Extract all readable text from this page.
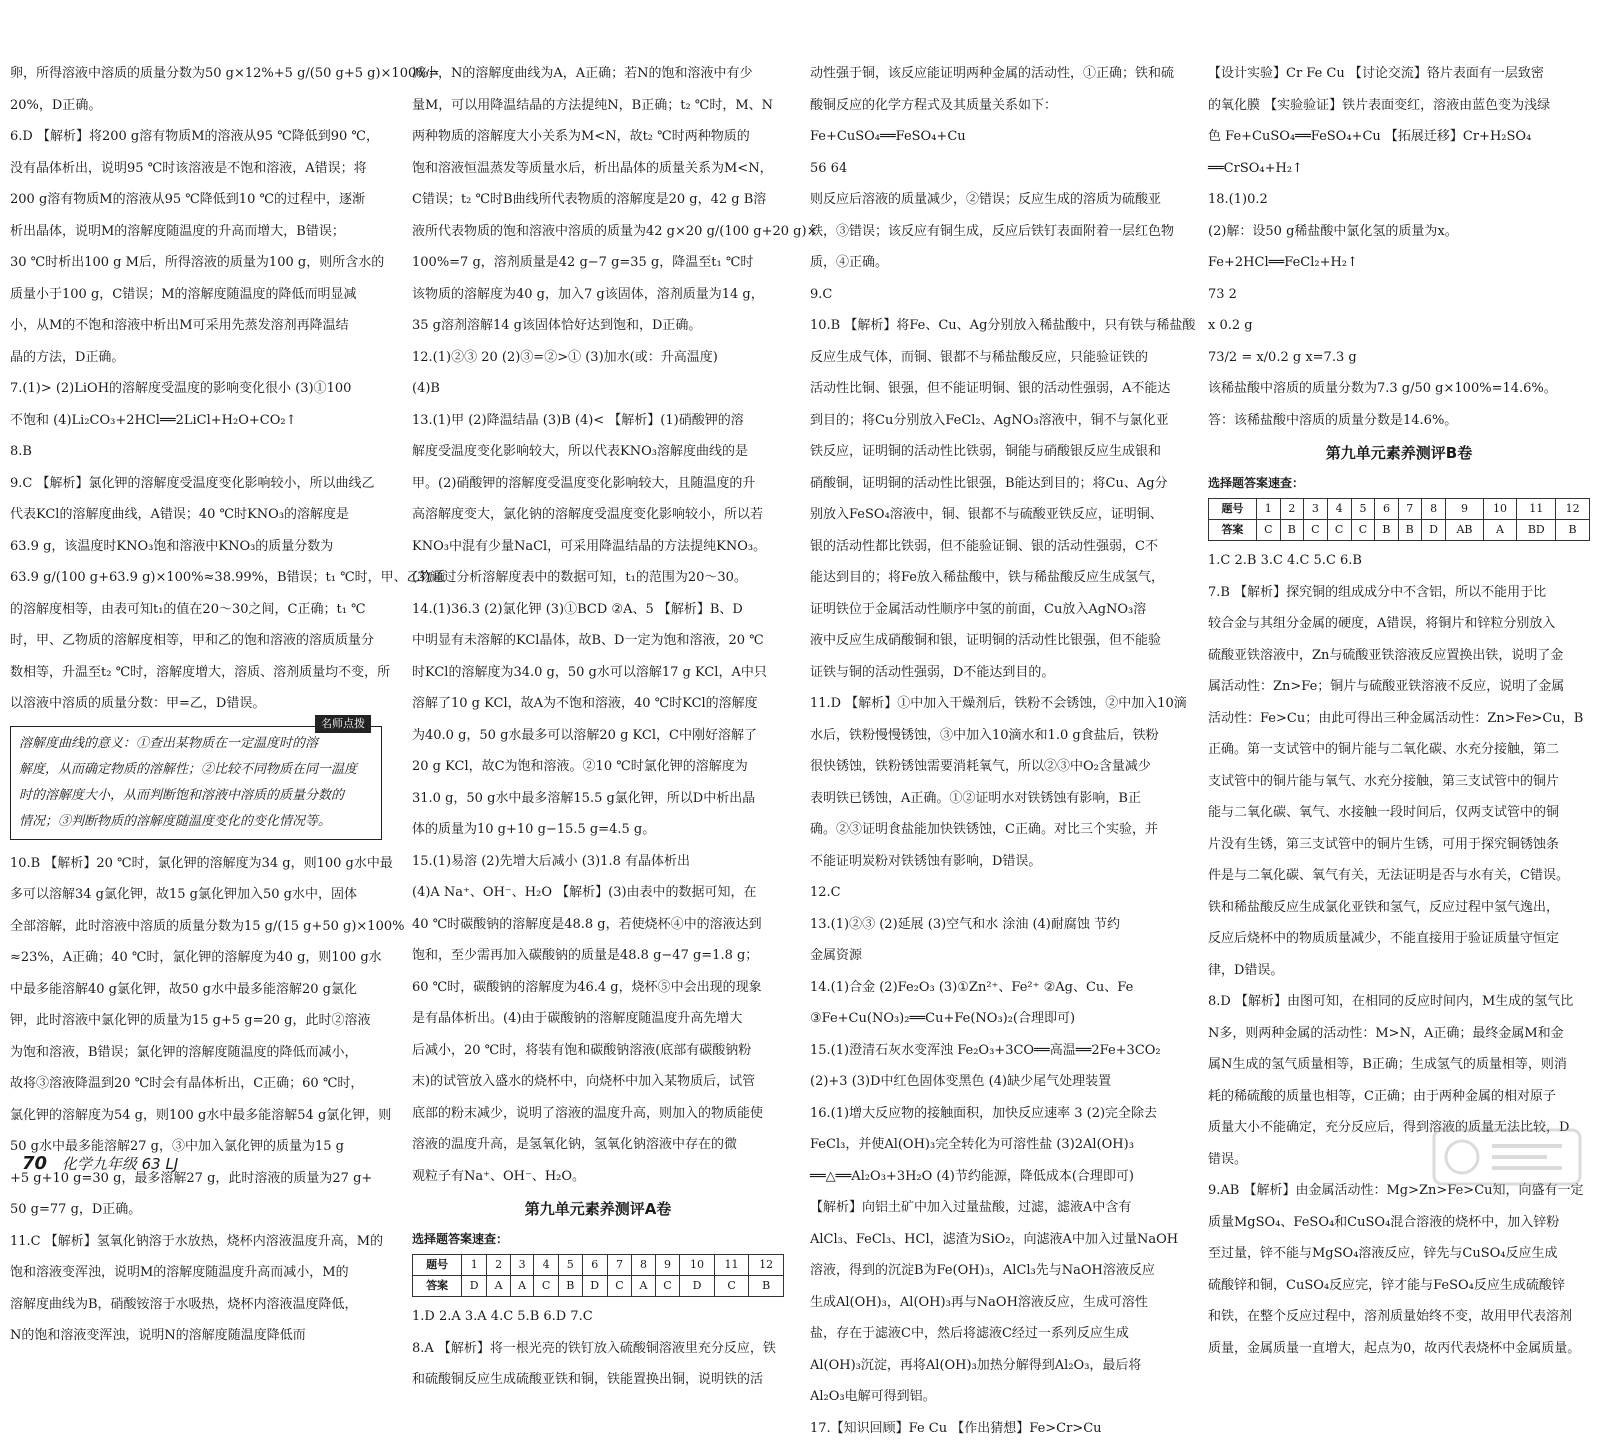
卵，所得溶液中溶质的质量分数为50 g×12%+5 g/(50 g+5 g)×100%=
20%，D正确。
6.D 【解析】将200 g溶有物质M的溶液从95 ℃降低到90 ℃，
没有晶体析出，说明95 ℃时该溶液是不饱和溶液，A错误；将
200 g溶有物质M的溶液从95 ℃降低到10 ℃的过程中，逐渐
析出晶体，说明M的溶解度随温度的升高而增大，B错误；
30 ℃时析出100 g M后，所得溶液的质量为100 g，则所含水的
质量小于100 g，C错误；M的溶解度随温度的降低而明显减
小，从M的不饱和溶液中析出M可采用先蒸发溶剂再降温结
晶的方法，D正确。
7.(1)> (2)LiOH的溶解度受温度的影响变化很小 (3)①100
不饱和 (4)Li₂CO₃+2HCl══2LiCl+H₂O+CO₂↑
8.B
9.C 【解析】氯化钾的溶解度受温度变化影响较小，所以曲线乙
代表KCl的溶解度曲线，A错误；40 ℃时KNO₃的溶解度是
63.9 g，该温度时KNO₃饱和溶液中KNO₃的质量分数为
63.9 g/(100 g+63.9 g)×100%≈38.99%，B错误；t₁ ℃时，甲、乙物质
的溶解度相等，由表可知t₁的值在20～30之间，C正确；t₁ ℃
时，甲、乙物质的溶解度相等，甲和乙的饱和溶液的溶质质量分
数相等，升温至t₂ ℃时，溶解度增大，溶质、溶剂质量均不变，所
以溶液中溶质的质量分数：甲=乙，D错误。
名师点拨
溶解度曲线的意义：①查出某物质在一定温度时的溶
解度，从而确定物质的溶解性；②比较不同物质在同一温度
时的溶解度大小，从而判断饱和溶液中溶质的质量分数的
情况；③判断物质的溶解度随温度变化的变化情况等。
10.B 【解析】20 ℃时，氯化钾的溶解度为34 g，则100 g水中最
多可以溶解34 g氯化钾，故15 g氯化钾加入50 g水中，固体
全部溶解，此时溶液中溶质的质量分数为15 g/(15 g+50 g)×100%
≈23%，A正确；40 ℃时，氯化钾的溶解度为40 g，则100 g水
中最多能溶解40 g氯化钾，故50 g水中最多能溶解20 g氯化
钾，此时溶液中氯化钾的质量为15 g+5 g=20 g，此时②溶液
为饱和溶液，B错误；氯化钾的溶解度随温度的降低而减小，
故将③溶液降温到20 ℃时会有晶体析出，C正确；60 ℃时，
氯化钾的溶解度为54 g，则100 g水中最多能溶解54 g氯化钾，则
50 g水中最多能溶解27 g，③中加入氯化钾的质量为15 g
+5 g+10 g=30 g，最多溶解27 g，此时溶液的质量为27 g+
50 g=77 g，D正确。
11.C 【解析】氢氧化钠溶于水放热，烧杯内溶液温度升高，M的
饱和溶液变浑浊，说明M的溶解度随温度升高而减小，M的
溶解度曲线为B，硝酸铵溶于水吸热，烧杯内溶液温度降低，
N的饱和溶液变浑浊，说明N的溶解度随温度降低而
减小，N的溶解度曲线为A，A正确；若N的饱和溶液中有少
量M，可以用降温结晶的方法提纯N，B正确；t₂ ℃时，M、N
两种物质的溶解度大小关系为M<N，故t₂ ℃时两种物质的
饱和溶液恒温蒸发等质量水后，析出晶体的质量关系为M<N，
C错误；t₂ ℃时B曲线所代表物质的溶解度是20 g，42 g B溶
液所代表物质的饱和溶液中溶质的质量为42 g×20 g/(100 g+20 g)×
100%=7 g，溶剂质量是42 g−7 g=35 g，降温至t₁ ℃时
该物质的溶解度为40 g，加入7 g该固体，溶剂质量为14 g，
35 g溶剂溶解14 g该固体恰好达到饱和，D正确。
12.(1)②③ 20 (2)③=②>① (3)加水(或：升高温度)
(4)B
13.(1)甲 (2)降温结晶 (3)B (4)< 【解析】(1)硝酸钾的溶
解度受温度变化影响较大，所以代表KNO₃溶解度曲线的是
甲。(2)硝酸钾的溶解度受温度变化影响较大，且随温度的升
高溶解度变大，氯化钠的溶解度受温度变化影响较小，所以若
KNO₃中混有少量NaCl，可采用降温结晶的方法提纯KNO₃。
(3)通过分析溶解度表中的数据可知，t₁的范围为20～30。
14.(1)36.3 (2)氯化钾 (3)①BCD ②A、5 【解析】B、D
中明显有未溶解的KCl晶体，故B、D一定为饱和溶液，20 ℃
时KCl的溶解度为34.0 g，50 g水可以溶解17 g KCl，A中只
溶解了10 g KCl，故A为不饱和溶液，40 ℃时KCl的溶解度
为40.0 g，50 g水最多可以溶解20 g KCl，C中刚好溶解了
20 g KCl，故C为饱和溶液。②10 ℃时氯化钾的溶解度为
31.0 g，50 g水中最多溶解15.5 g氯化钾，所以D中析出晶
体的质量为10 g+10 g−15.5 g=4.5 g。
15.(1)易溶 (2)先增大后减小 (3)1.8 有晶体析出
(4)A Na⁺、OH⁻、H₂O 【解析】(3)由表中的数据可知，在
40 ℃时碳酸钠的溶解度是48.8 g，若使烧杯④中的溶液达到
饱和，至少需再加入碳酸钠的质量是48.8 g−47 g=1.8 g；
60 ℃时，碳酸钠的溶解度为46.4 g，烧杯⑤中会出现的现象
是有晶体析出。(4)由于碳酸钠的溶解度随温度升高先增大
后减小，20 ℃时，将装有饱和碳酸钠溶液(底部有碳酸钠粉
末)的试管放入盛水的烧杯中，向烧杯中加入某物质后，试管
底部的粉末减少，说明了溶液的温度升高，则加入的物质能使
溶液的温度升高，是氢氧化钠，氢氧化钠溶液中存在的微
观粒子有Na⁺、OH⁻、H₂O。
第九单元素养测评A卷
选择题答案速查：
题号	1	2	3	4	5	6	7	8	9	10	11	12
答案	D	A	A	C	B	D	C	A	C	D	C	B
1.D 2.A 3.A 4.C 5.B 6.D 7.C
8.A 【解析】将一根光亮的铁钉放入硫酸铜溶液里充分反应，铁
和硫酸铜反应生成硫酸亚铁和铜，铁能置换出铜，说明铁的活
动性强于铜，该反应能证明两种金属的活动性，①正确；铁和硫
酸铜反应的化学方程式及其质量关系如下：
Fe+CuSO₄══FeSO₄+Cu
56 64
则反应后溶液的质量减少，②错误；反应生成的溶质为硫酸亚
铁，③错误；该反应有铜生成，反应后铁钉表面附着一层红色物
质，④正确。
9.C
10.B 【解析】将Fe、Cu、Ag分别放入稀盐酸中，只有铁与稀盐酸
反应生成气体，而铜、银都不与稀盐酸反应，只能验证铁的
活动性比铜、银强，但不能证明铜、银的活动性强弱，A不能达
到目的；将Cu分别放入FeCl₂、AgNO₃溶液中，铜不与氯化亚
铁反应，证明铜的活动性比铁弱，铜能与硝酸银反应生成银和
硝酸铜，证明铜的活动性比银强，B能达到目的；将Cu、Ag分
别放入FeSO₄溶液中，铜、银都不与硫酸亚铁反应，证明铜、
银的活动性都比铁弱，但不能验证铜、银的活动性强弱，C不
能达到目的；将Fe放入稀盐酸中，铁与稀盐酸反应生成氢气，
证明铁位于金属活动性顺序中氢的前面，Cu放入AgNO₃溶
液中反应生成硝酸铜和银，证明铜的活动性比银强，但不能验
证铁与铜的活动性强弱，D不能达到目的。
11.D 【解析】①中加入干燥剂后，铁粉不会锈蚀，②中加入10滴
水后，铁粉慢慢锈蚀，③中加入10滴水和1.0 g食盐后，铁粉
很快锈蚀，铁粉锈蚀需要消耗氧气，所以②③中O₂含量减少
表明铁已锈蚀，A正确。①②证明水对铁锈蚀有影响，B正
确。②③证明食盐能加快铁锈蚀，C正确。对比三个实验，并
不能证明炭粉对铁锈蚀有影响，D错误。
12.C
13.(1)②③ (2)延展 (3)空气和水 涂油 (4)耐腐蚀 节约
金属资源
14.(1)合金 (2)Fe₂O₃ (3)①Zn²⁺、Fe²⁺ ②Ag、Cu、Fe
③Fe+Cu(NO₃)₂══Cu+Fe(NO₃)₂(合理即可)
15.(1)澄清石灰水变浑浊 Fe₂O₃+3CO══高温══2Fe+3CO₂
(2)+3 (3)D中红色固体变黑色 (4)缺少尾气处理装置
16.(1)增大反应物的接触面积，加快反应速率 3 (2)完全除去
FeCl₃，并使Al(OH)₃完全转化为可溶性盐 (3)2Al(OH)₃
══△══Al₂O₃+3H₂O (4)节约能源，降低成本(合理即可)
【解析】向铝土矿中加入过量盐酸，过滤，滤液A中含有
AlCl₃、FeCl₃、HCl，滤渣为SiO₂，向滤液A中加入过量NaOH
溶液，得到的沉淀B为Fe(OH)₃，AlCl₃先与NaOH溶液反应
生成Al(OH)₃，Al(OH)₃再与NaOH溶液反应，生成可溶性
盐，存在于滤液C中，然后将滤液C经过一系列反应生成
Al(OH)₃沉淀，再将Al(OH)₃加热分解得到Al₂O₃，最后将
Al₂O₃电解可得到铝。
17.【知识回顾】Fe Cu 【作出猜想】Fe>Cr>Cu
【设计实验】Cr Fe Cu 【讨论交流】铬片表面有一层致密
的氧化膜 【实验验证】铁片表面变红，溶液由蓝色变为浅绿
色 Fe+CuSO₄══FeSO₄+Cu 【拓展迁移】Cr+H₂SO₄
══CrSO₄+H₂↑
18.(1)0.2
(2)解：设50 g稀盐酸中氯化氢的质量为x。
Fe+2HCl══FeCl₂+H₂↑
73 2
x 0.2 g
73/2 = x/0.2 g x=7.3 g
该稀盐酸中溶质的质量分数为7.3 g/50 g×100%=14.6%。
答：该稀盐酸中溶质的质量分数是14.6%。
第九单元素养测评B卷
选择题答案速查：
题号	1	2	3	4	5	6	7	8	9	10	11	12
答案	C	B	C	C	C	B	B	D	AB	A	BD	B
1.C 2.B 3.C 4.C 5.C 6.B
7.B 【解析】探究铜的组成成分中不含铝，所以不能用于比
较合金与其组分金属的硬度，A错误，将铜片和锌粒分别放入
硫酸亚铁溶液中，Zn与硫酸亚铁溶液反应置换出铁，说明了金
属活动性：Zn>Fe；铜片与硫酸亚铁溶液不反应，说明了金属
活动性：Fe>Cu；由此可得出三种金属活动性：Zn>Fe>Cu，B
正确。第一支试管中的铜片能与二氧化碳、水充分接触，第二
支试管中的铜片能与氧气、水充分接触，第三支试管中的铜片
能与二氧化碳、氧气、水接触一段时间后，仅两支试管中的铜
片没有生锈，第三支试管中的铜片生锈，可用于探究铜锈蚀条
件是与二氧化碳、氧气有关，无法证明是否与水有关，C错误。
铁和稀盐酸反应生成氯化亚铁和氢气，反应过程中氢气逸出，
反应后烧杯中的物质质量减少，不能直接用于验证质量守恒定
律，D错误。
8.D 【解析】由图可知，在相同的反应时间内，M生成的氢气比
N多，则两种金属的活动性：M>N，A正确；最终金属M和金
属N生成的氢气质量相等，B正确；生成氢气的质量相等，则消
耗的稀硫酸的质量也相等，C正确；由于两种金属的相对原子
质量大小不能确定，充分反应后，得到溶液的质量无法比较，D
错误。
9.AB 【解析】由金属活动性：Mg>Zn>Fe>Cu知，向盛有一定
质量MgSO₄、FeSO₄和CuSO₄混合溶液的烧杯中，加入锌粉
至过量，锌不能与MgSO₄溶液反应，锌先与CuSO₄反应生成
硫酸锌和铜，CuSO₄反应完，锌才能与FeSO₄反应生成硫酸锌
和铁，在整个反应过程中，溶剂质量始终不变，故用甲代表溶剂
质量，金属质量一直增大，起点为0，故丙代表烧杯中金属质量。
70 化学九年级 63 LJ
